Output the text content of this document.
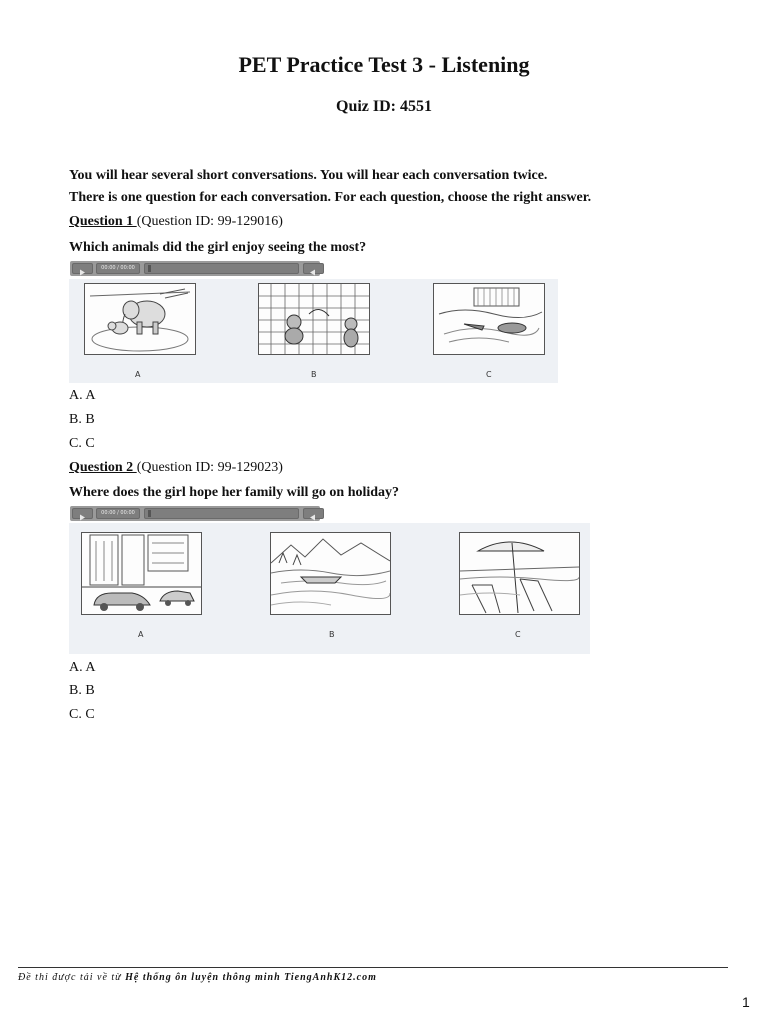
PET Practice Test 3 - Listening
Quiz ID: 4551
You will hear several short conversations. You will hear each conversation twice.
There is one question for each conversation. For each question, choose the right answer.
Question 1 (Question ID: 99-129016)
Which animals did the girl enjoy seeing the most?
00:00 / 00:00
A	B	C
A. A
B. B
C. C
Question 2 (Question ID: 99-129023)
Where does the girl hope her family will go on holiday?
00:00 / 00:00
A	B	C
A. A
B. B
C. C
Đề thi được tải về từ Hệ thống ôn luyện thông minh TiengAnhK12.com
1
